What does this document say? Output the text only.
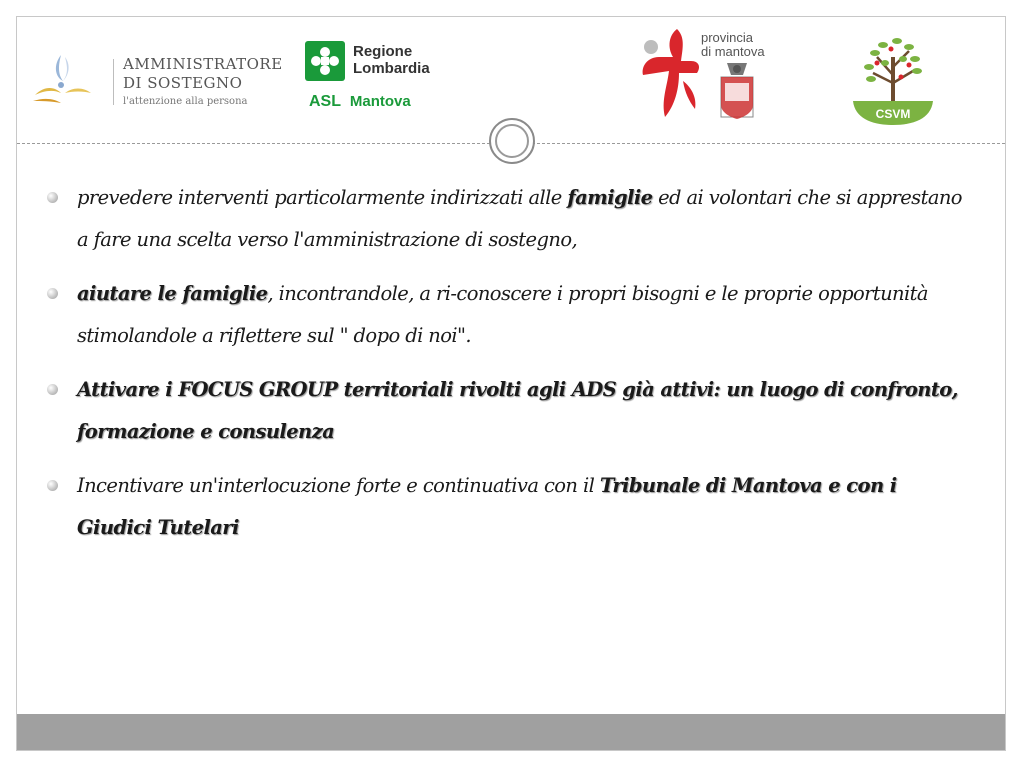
AMMINISTRATORE
DI SOSTEGNO
l'attenzione alla persona
Regione
Lombardia
ASL Mantova
provincia
di mantova
CSVM
prevedere interventi particolarmente indirizzati alle famiglie ed ai volontari che si apprestano a fare una scelta verso l'amministrazione di sostegno,
aiutare le famiglie, incontrandole, a ri-conoscere i propri bisogni e le proprie opportunità stimolandole a riflettere sul " dopo di noi".
Attivare i FOCUS GROUP territoriali rivolti agli ADS già attivi: un luogo di confronto, formazione e consulenza
Incentivare un'interlocuzione forte e continuativa con il Tribunale di Mantova e con i Giudici Tutelari
